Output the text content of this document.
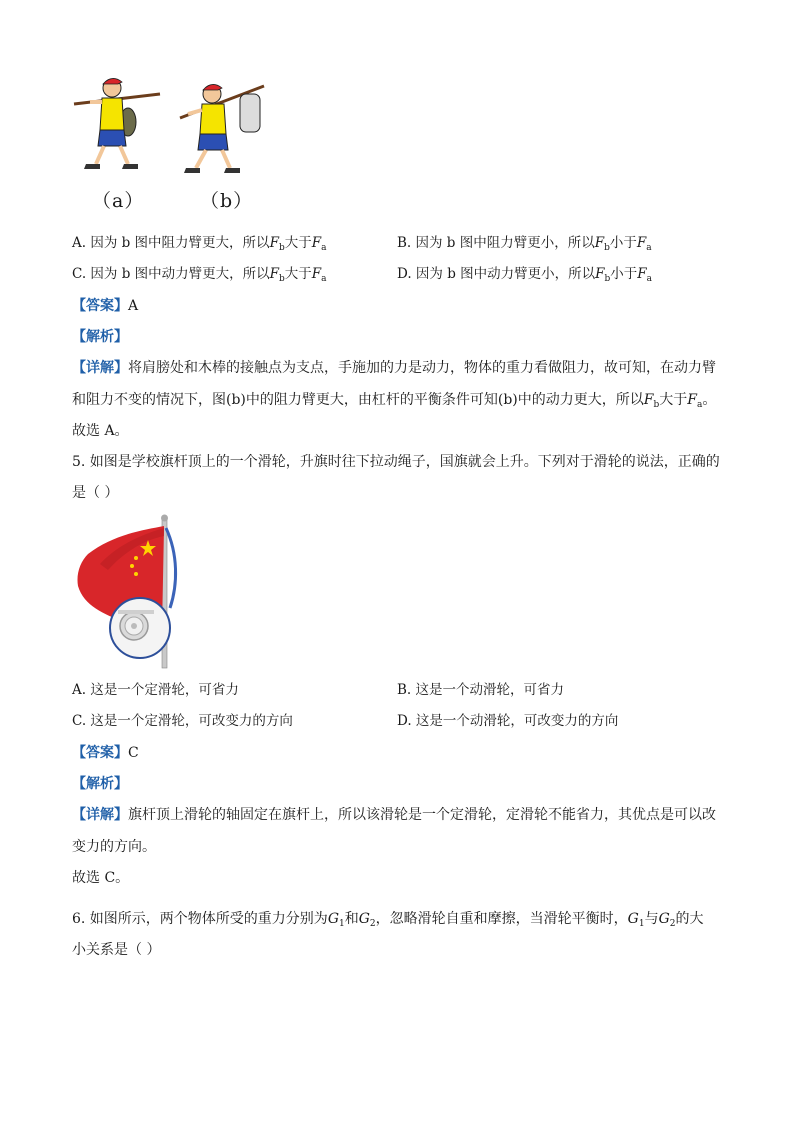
（a）	（b）
A. 因为 b 图中阻力臂更大，所以$F_b$大于$F_a$	B. 因为 b 图中阻力臂更小，所以$F_b$小于$F_a$
C. 因为 b 图中动力臂更大，所以$F_b$大于$F_a$	D. 因为 b 图中动力臂更小，所以$F_b$小于$F_a$
【答案】A
【解析】
【详解】将肩膀处和木棒的接触点为支点，手施加的力是动力，物体的重力看做阻力，故可知，在动力臂
和阻力不变的情况下，图(b)中的阻力臂更大，由杠杆的平衡条件可知(b)中的动力更大，所以$F_b$大于$F_a$。
故选 A。
5. 如图是学校旗杆顶上的一个滑轮，升旗时往下拉动绳子，国旗就会上升。下列对于滑轮的说法，正确的
是（ ）
A. 这是一个定滑轮，可省力	B. 这是一个动滑轮，可省力
C. 这是一个定滑轮，可改变力的方向	D. 这是一个动滑轮，可改变力的方向
【答案】C
【解析】
【详解】旗杆顶上滑轮的轴固定在旗杆上，所以该滑轮是一个定滑轮，定滑轮不能省力，其优点是可以改
变力的方向。
故选 C。
6. 如图所示，两个物体所受的重力分别为$G_1$和$G_2$，忽略滑轮自重和摩擦，当滑轮平衡时，$G_1$与$G_2$的大
小关系是（ ）
